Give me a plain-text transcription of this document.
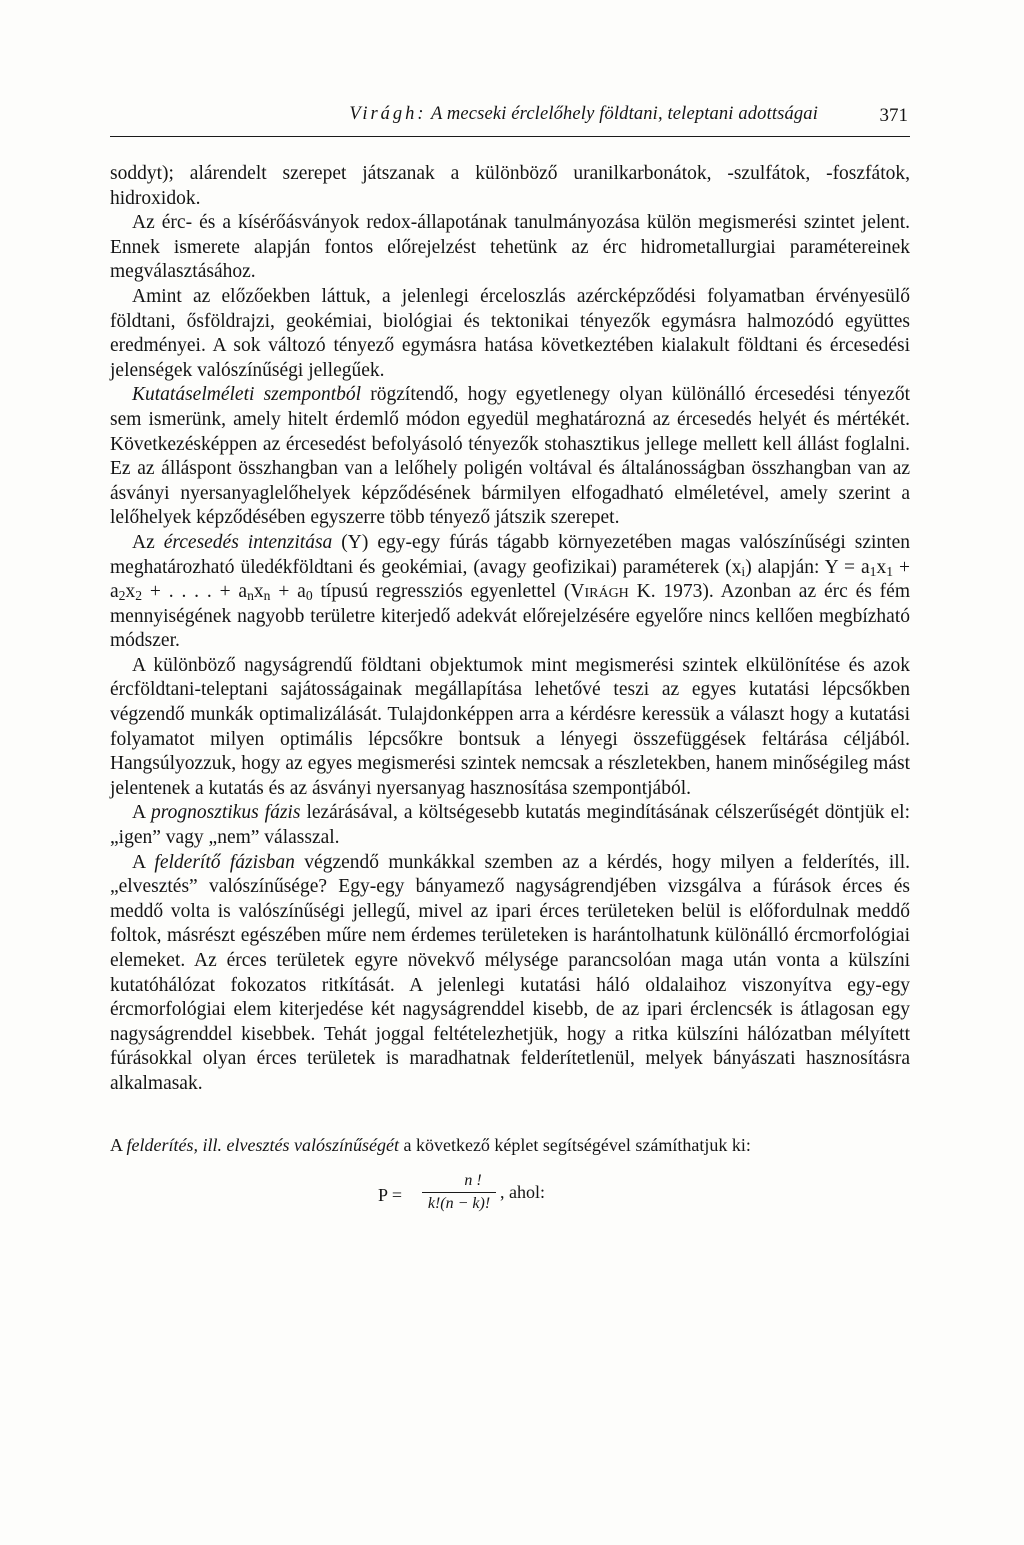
Virágh: A mecseki érclelőhely földtani, teleptani adottságai	371

soddyt); alárendelt szerepet játszanak a különböző uranilkarbonátok, -szulfátok, -foszfátok, hidroxidok.

Az érc- és a kísérőásványok redox-állapotának tanulmányozása külön megismerési szintet jelent. Ennek ismerete alapján fontos előrejelzést tehetünk az érc hidrometallurgiai paramétereinek megválasztásához.

Amint az előzőekben láttuk, a jelenlegi érceloszlás azércképződési folyamatban érvényesülő földtani, ősföldrajzi, geokémiai, biológiai és tektonikai tényezők egymásra halmozódó együttes eredményei. A sok változó tényező egymásra hatása következtében kialakult földtani és ércesedési jelenségek valószínűségi jellegűek.

Kutatáselméleti szempontból rögzítendő, hogy egyetlenegy olyan különálló ércesedési tényezőt sem ismerünk, amely hitelt érdemlő módon egyedül meghatározná az ércesedés helyét és mértékét. Következésképpen az ércesedést befolyásoló tényezők stohasztikus jellege mellett kell állást foglalni. Ez az álláspont összhangban van a lelőhely poligén voltával és általánosságban összhangban van az ásványi nyersanyaglelőhelyek képződésének bármilyen elfogadható elméletével, amely szerint a lelőhelyek képződésében egyszerre több tényező játszik szerepet.

Az ércesedés intenzitása (Y) egy-egy fúrás tágabb környezetében magas valószínűségi szinten meghatározható üledékföldtani és geokémiai, (avagy geofizikai) paraméterek $(x_i)$ alapján: $Y = a_1x_1 + a_2x_2$ + . . . . + $a_nx_n + a_0$ típusú regressziós egyenlettel (Virágh K. 1973). Azonban az érc és fém mennyiségének nagyobb területre kiterjedő adekvát előrejelzésére egyelőre nincs kellően megbízható módszer.

A különböző nagyságrendű földtani objektumok mint megismerési szintek elkülönítése és azok ércföldtani-teleptani sajátosságainak megállapítása lehetővé teszi az egyes kutatási lépcsőkben végzendő munkák optimalizálását. Tulajdonképpen arra a kérdésre keressük a választ hogy a kutatási folyamatot milyen optimális lépcsőkre bontsuk a lényegi összefüggések feltárása céljából. Hangsúlyozzuk, hogy az egyes megismerési szintek nemcsak a részletekben, hanem minőségileg mást jelentenek a kutatás és az ásványi nyersanyag hasznosítása szempontjából.

A prognosztikus fázis lezárásával, a költségesebb kutatás megindításának célszerűségét döntjük el: „igen” vagy „nem” válasszal.

A felderítő fázisban végzendő munkákkal szemben az a kérdés, hogy milyen a felderítés, ill. „elvesztés” valószínűsége? Egy-egy bányamező nagyságrendjében vizsgálva a fúrások érces és meddő volta is valószínűségi jellegű, mivel az ipari érces területeken belül is előfordulnak meddő foltok, másrészt egészében műre nem érdemes területeken is harántolhatunk különálló ércmorfológiai elemeket. Az érces területek egyre növekvő mélysége parancsolóan maga után vonta a külszíni kutatóhálózat fokozatos ritkítását. A jelenlegi kutatási háló oldalaihoz viszonyítva egy-egy ércmorfológiai elem kiterjedése két nagyságrenddel kisebb, de az ipari érclencsék is átlagosan egy nagyságrenddel kisebbek. Tehát joggal feltételezhetjük, hogy a ritka külszíni hálózatban mélyített fúrásokkal olyan érces területek is maradhatnak felderítetlenül, melyek bányászati hasznosításra alkalmasak.

A felderítés, ill. elvesztés valószínűségét a következő képlet segítségével számíthatjuk ki:
P =
n !
k!(n − k)!
, ahol:
